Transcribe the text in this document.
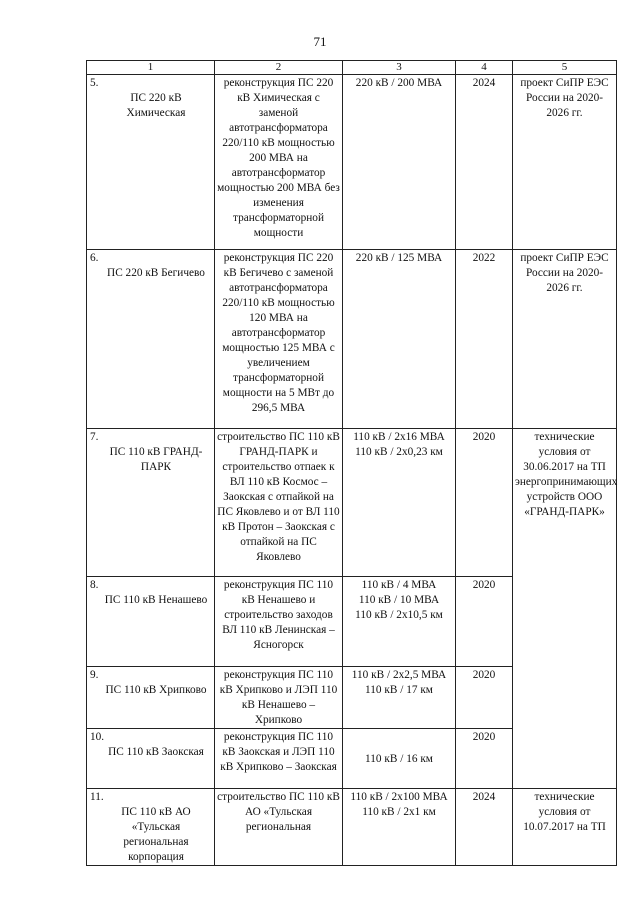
71
1	2	3	4	5

5.
ПС 220 кВ Химическая	реконструкция ПС 220 кВ Химическая с заменой автотрансформатора 220/110 кВ мощностью 200 МВА на автотрансформатор мощностью 200 МВА без изменения трансформаторной мощности	220 кВ / 200 МВА	2024	проект СиПР ЕЭС России на 2020-2026 гг.

6.
ПС 220 кВ Бегичево	реконструкция ПС 220 кВ Бегичево с заменой автотрансформатора 220/110 кВ мощностью 120 МВА на автотрансформатор мощностью 125 МВА с увеличением трансформаторной мощности на 5 МВт до 296,5 МВА	220 кВ / 125 МВА	2022	проект СиПР ЕЭС России на 2020-2026 гг.

7.
ПС 110 кВ ГРАНД-ПАРК	строительство ПС 110 кВ ГРАНД-ПАРК и строительство отпаек к ВЛ 110 кВ Космос – Заокская с отпайкой на ПС Яковлево и от ВЛ 110 кВ Протон – Заокская с отпайкой на ПС Яковлево	110 кВ / 2х16 МВА
110 кВ / 2х0,23 км	2020	технические условия от 30.06.2017 на ТП энергопринимающих устройств ООО «ГРАНД-ПАРК»

8.
ПС 110 кВ Ненашево	реконструкция ПС 110 кВ Ненашево и строительство заходов ВЛ 110 кВ Ленинская – Ясногорск	110 кВ / 4 МВА
110 кВ / 10 МВА
110 кВ / 2х10,5 км	2020	

9.
ПС 110 кВ Хрипково	реконструкция ПС 110 кВ Хрипково и ЛЭП 110 кВ Ненашево – Хрипково	110 кВ / 2х2,5 МВА
110 кВ / 17 км	2020	

10.
ПС 110 кВ Заокская	реконструкция ПС 110 кВ Заокская и ЛЭП 110 кВ Хрипково – Заокская	110 кВ / 16 км	2020	

11.
ПС 110 кВ АО «Тульская региональная корпорация	строительство ПС 110 кВ АО «Тульская региональная	110 кВ / 2х100 МВА
110 кВ / 2х1 км	2024	технические условия от 10.07.2017 на ТП
